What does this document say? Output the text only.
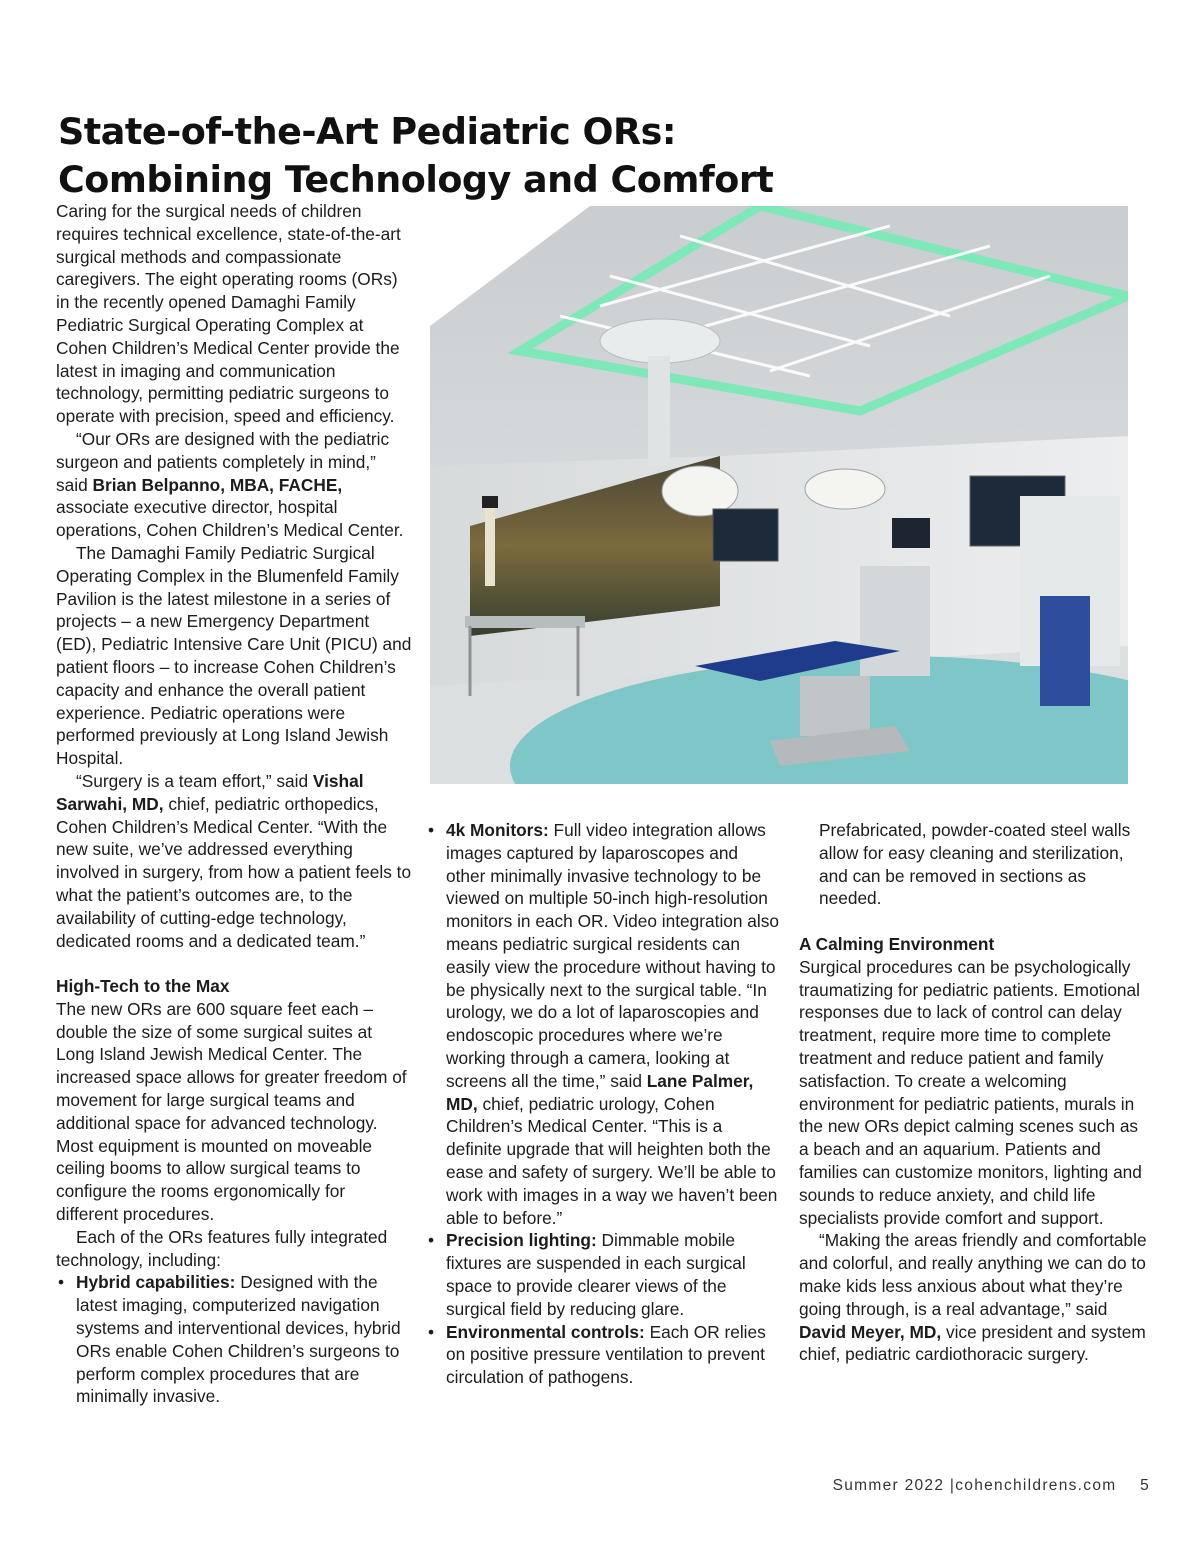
State-of-the-Art Pediatric ORs:
Combining Technology and Comfort

Caring for the surgical needs of children requires technical excellence, state-of-the-art surgical methods and compassionate caregivers. The eight operating rooms (ORs) in the recently opened Damaghi Family Pediatric Surgical Operating Complex at Cohen Children’s Medical Center provide the latest in imaging and communication technology, permitting pediatric surgeons to operate with precision, speed and efficiency.

“Our ORs are designed with the pediatric surgeon and patients completely in mind,” said Brian Belpanno, MBA, FACHE, associate executive director, hospital operations, Cohen Children’s Medical Center.

The Damaghi Family Pediatric Surgical Operating Complex in the Blumenfeld Family Pavilion is the latest milestone in a series of projects – a new Emergency Department (ED), Pediatric Intensive Care Unit (PICU) and patient floors – to increase Cohen Children’s capacity and enhance the overall patient experience. Pediatric operations were performed previously at Long Island Jewish Hospital.

“Surgery is a team effort,” said Vishal Sarwahi, MD, chief, pediatric orthopedics, Cohen Children’s Medical Center. “With the new suite, we’ve addressed everything involved in surgery, from how a patient feels to what the patient’s outcomes are, to the availability of cutting-edge technology, dedicated rooms and a dedicated team.”

High-Tech to the Max

The new ORs are 600 square feet each – double the size of some surgical suites at Long Island Jewish Medical Center. The increased space allows for greater freedom of movement for large surgical teams and additional space for advanced technology. Most equipment is mounted on moveable ceiling booms to allow surgical teams to configure the rooms ergonomically for different procedures.

Each of the ORs features fully integrated technology, including:

• Hybrid capabilities: Designed with the latest imaging, computerized navigation systems and interventional devices, hybrid ORs enable Cohen Children’s surgeons to perform complex procedures that are minimally invasive.
• 4k Monitors: Full video integration allows images captured by laparoscopes and other minimally invasive technology to be viewed on multiple 50-inch high-resolution monitors in each OR. Video integration also means pediatric surgical residents can easily view the procedure without having to be physically next to the surgical table. “In urology, we do a lot of laparoscopies and endoscopic procedures where we’re working through a camera, looking at screens all the time,” said Lane Palmer, MD, chief, pediatric urology, Cohen Children’s Medical Center. “This is a definite upgrade that will heighten both the ease and safety of surgery. We’ll be able to work with images in a way we haven’t been able to before.”
• Precision lighting: Dimmable mobile fixtures are suspended in each surgical space to provide clearer views of the surgical field by reducing glare.
• Environmental controls: Each OR relies on positive pressure ventilation to prevent circulation of pathogens.

Prefabricated, powder-coated steel walls allow for easy cleaning and sterilization, and can be removed in sections as needed.

A Calming Environment

Surgical procedures can be psychologically traumatizing for pediatric patients. Emotional responses due to lack of control can delay treatment, require more time to complete treatment and reduce patient and family satisfaction. To create a welcoming environment for pediatric patients, murals in the new ORs depict calming scenes such as a beach and an aquarium. Patients and families can customize monitors, lighting and sounds to reduce anxiety, and child life specialists provide comfort and support.

“Making the areas friendly and comfortable and colorful, and really anything we can do to make kids less anxious about what they’re going through, is a real advantage,” said David Meyer, MD, vice president and system chief, pediatric cardiothoracic surgery.

Summer 2022 |cohenchildrens.com 5
